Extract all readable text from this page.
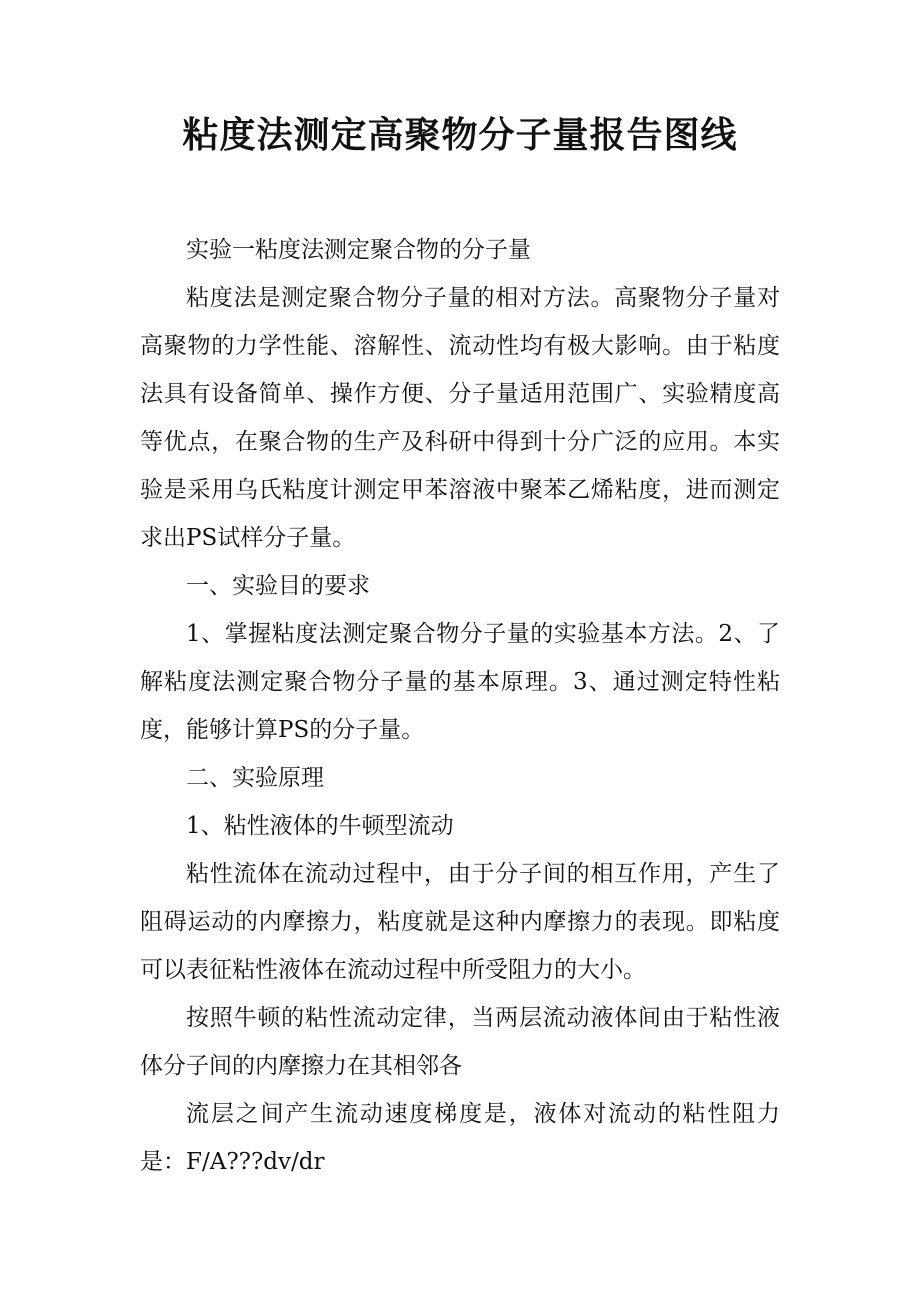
粘度法测定高聚物分子量报告图线

实验一粘度法测定聚合物的分子量

粘度法是测定聚合物分子量的相对方法。高聚物分子量对高聚物的力学性能、溶解性、流动性均有极大影响。由于粘度法具有设备简单、操作方便、分子量适用范围广、实验精度高等优点，在聚合物的生产及科研中得到十分广泛的应用。本实验是采用乌氏粘度计测定甲苯溶液中聚苯乙烯粘度，进而测定求出PS试样分子量。

一、实验目的要求

1、掌握粘度法测定聚合物分子量的实验基本方法。2、了解粘度法测定聚合物分子量的基本原理。3、通过测定特性粘度，能够计算PS的分子量。

二、实验原理

1、粘性液体的牛顿型流动

粘性流体在流动过程中，由于分子间的相互作用，产生了阻碍运动的内摩擦力，粘度就是这种内摩擦力的表现。即粘度可以表征粘性液体在流动过程中所受阻力的大小。

按照牛顿的粘性流动定律，当两层流动液体间由于粘性液体分子间的内摩擦力在其相邻各

流层之间产生流动速度梯度是，液体对流动的粘性阻力是：F/A???dv/dr
